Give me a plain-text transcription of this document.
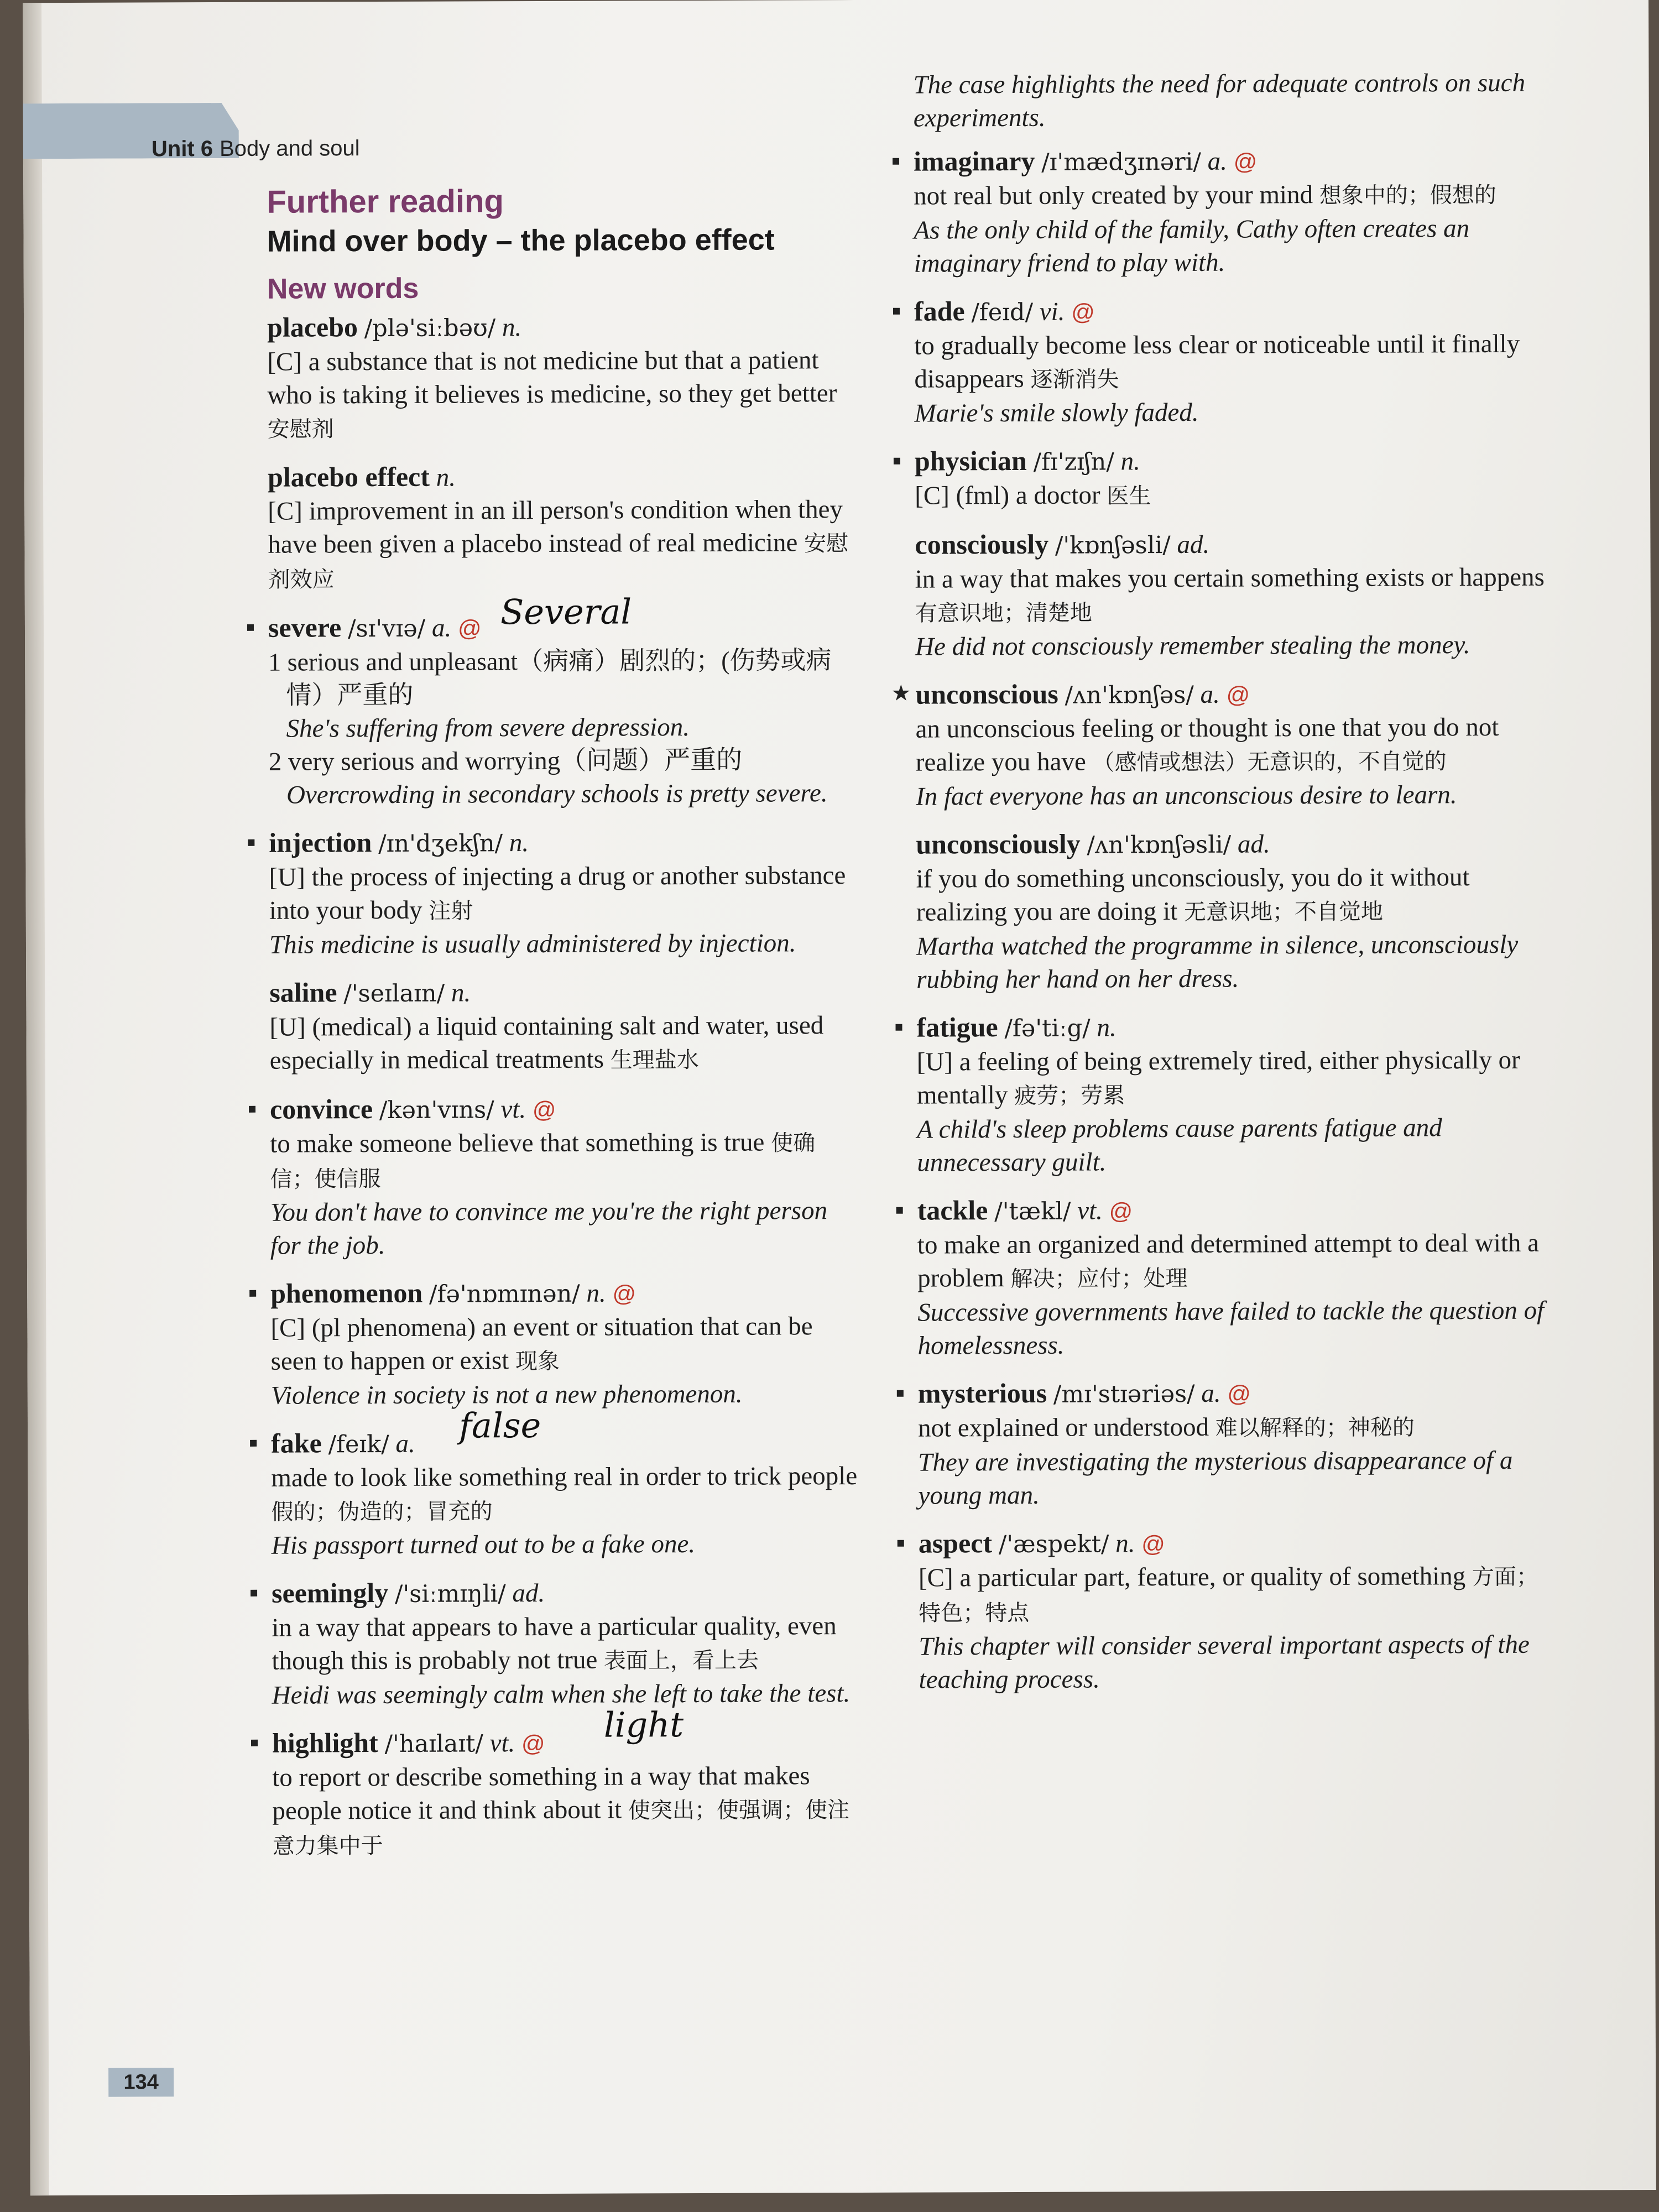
Unit 6 Body and soul
Further reading
Mind over body – the placebo effect
New words
placebo /plə'siːbəʊ/ n.
[C] a substance that is not medicine but that a patient who is taking it believes is medicine, so they get better 安慰剂
placebo effect n.
[C] improvement in an ill person's condition when they have been given a placebo instead of real medicine 安慰剂效应
severe /sɪ'vɪə/ a. @ Several
1 serious and unpleasant（病痛）剧烈的；(伤势或病情）严重的
She's suffering from severe depression.
2 very serious and worrying（问题）严重的
Overcrowding in secondary schools is pretty severe.
injection /ɪn'dʒekʃn/ n.
[U] the process of injecting a drug or another substance into your body 注射
This medicine is usually administered by injection.
saline /'seɪlaɪn/ n.
[U] (medical) a liquid containing salt and water, used especially in medical treatments 生理盐水
convince /kən'vɪns/ vt. @
to make someone believe that something is true 使确信；使信服
You don't have to convince me you're the right person for the job.
phenomenon /fə'nɒmɪnən/ n. @
[C] (pl phenomena) an event or situation that can be seen to happen or exist 现象
Violence in society is not a new phenomenon.
fake /feɪk/ a. false
made to look like something real in order to trick people 假的；伪造的；冒充的
His passport turned out to be a fake one.
seemingly /'siːmɪŋli/ ad.
in a way that appears to have a particular quality, even though this is probably not true 表面上，看上去
Heidi was seemingly calm when she left to take the test.
highlight /'haɪlaɪt/ vt. @ light
to report or describe something in a way that makes people notice it and think about it 使突出；使强调；使注意力集中于
The case highlights the need for adequate controls on such experiments.
imaginary /ɪ'mædʒɪnəri/ a. @
not real but only created by your mind 想象中的；假想的
As the only child of the family, Cathy often creates an imaginary friend to play with.
fade /feɪd/ vi. @
to gradually become less clear or noticeable until it finally disappears 逐渐消失
Marie's smile slowly faded.
physician /fɪ'zɪʃn/ n.
[C] (fml) a doctor 医生
consciously /'kɒnʃəsli/ ad.
in a way that makes you certain something exists or happens 有意识地；清楚地
He did not consciously remember stealing the money.
★ unconscious /ʌn'kɒnʃəs/ a. @
an unconscious feeling or thought is one that you do not realize you have （感情或想法）无意识的，不自觉的
In fact everyone has an unconscious desire to learn.
unconsciously /ʌn'kɒnʃəsli/ ad.
if you do something unconsciously, you do it without realizing you are doing it 无意识地；不自觉地
Martha watched the programme in silence, unconsciously rubbing her hand on her dress.
fatigue /fə'tiːg/ n.
[U] a feeling of being extremely tired, either physically or mentally 疲劳；劳累
A child's sleep problems cause parents fatigue and unnecessary guilt.
tackle /'tækl/ vt. @
to make an organized and determined attempt to deal with a problem 解决；应付；处理
Successive governments have failed to tackle the question of homelessness.
mysterious /mɪ'stɪəriəs/ a. @
not explained or understood 难以解释的；神秘的
They are investigating the mysterious disappearance of a young man.
aspect /'æspekt/ n. @
[C] a particular part, feature, or quality of something 方面；特色；特点
This chapter will consider several important aspects of the teaching process.
134
